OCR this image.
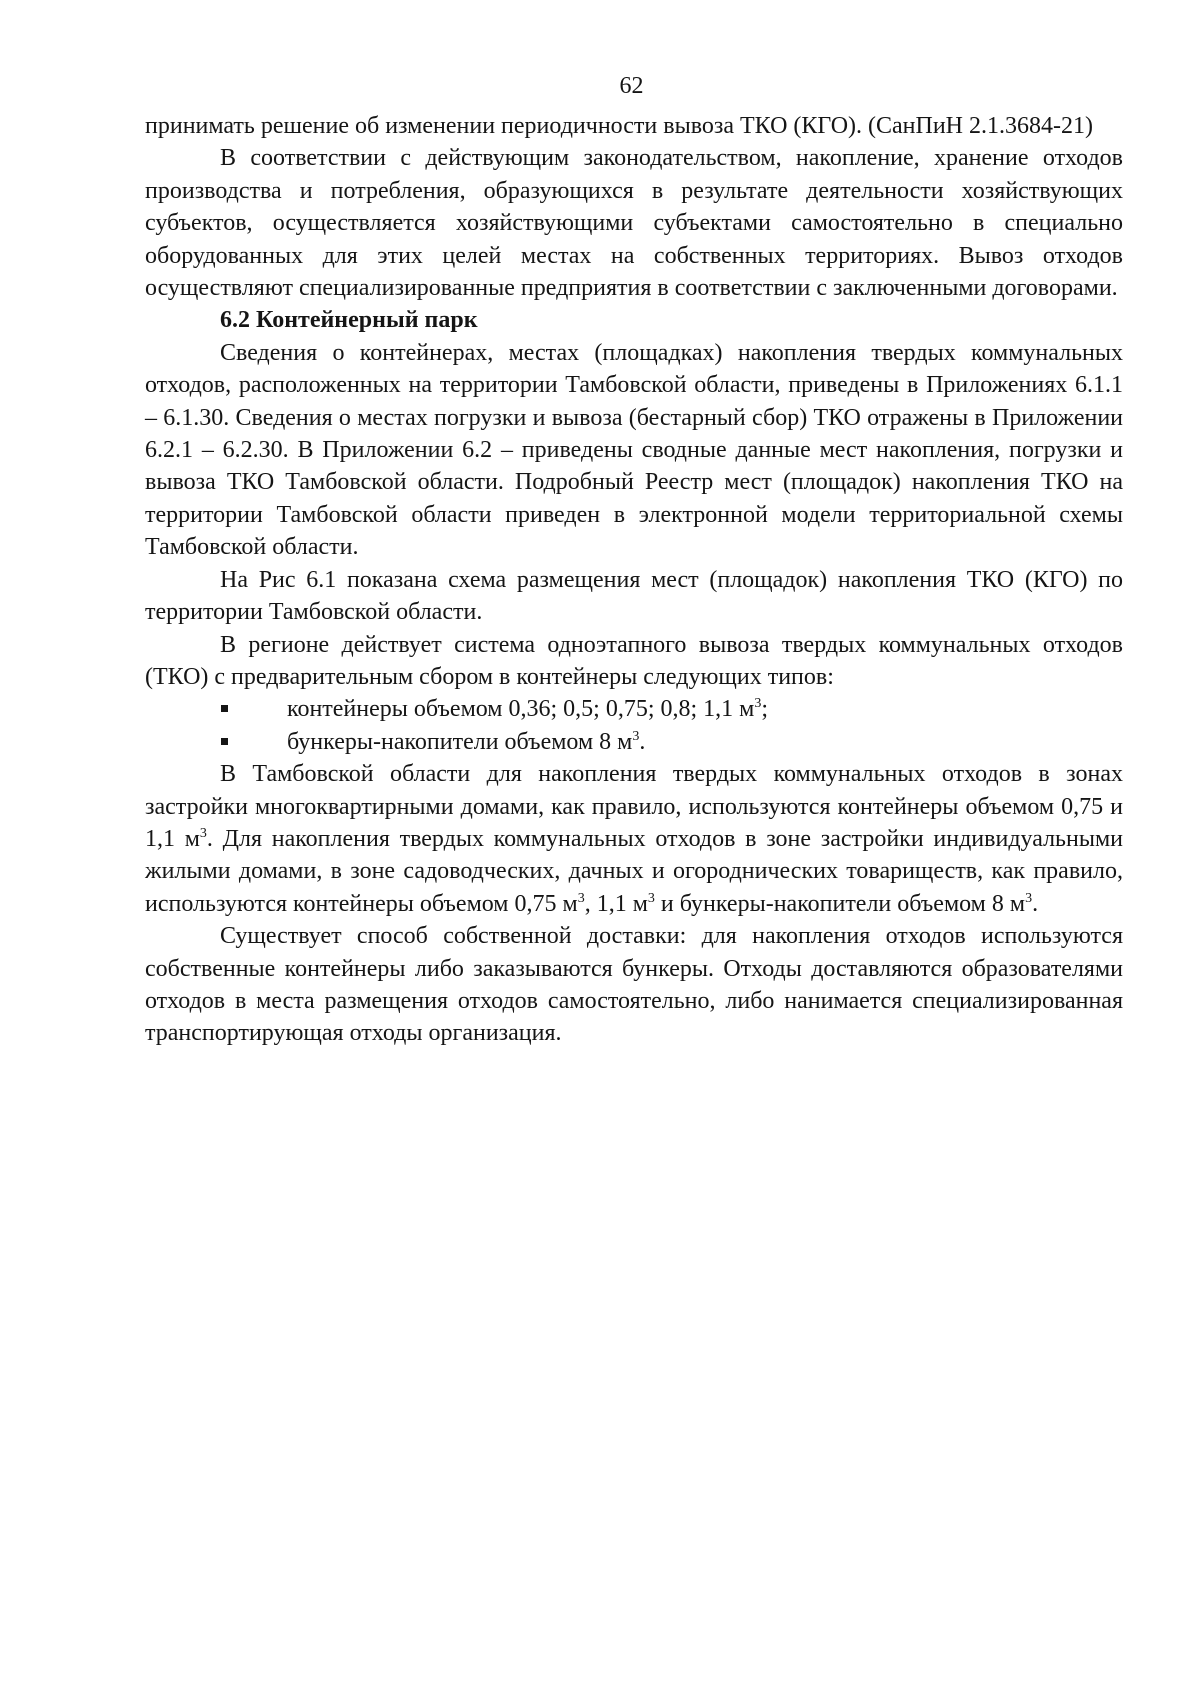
62

принимать решение об изменении периодичности вывоза ТКО (КГО). (СанПиН 2.1.3684-21)

В соответствии с действующим законодательством, накопление, хранение отходов производства и потребления, образующихся в результате деятельности хозяйствующих субъектов, осуществляется хозяйствующими субъектами самостоятельно в специально оборудованных для этих целей местах на собственных территориях. Вывоз отходов осуществляют специализированные предприятия в соответствии с заключенными договорами.

6.2 Контейнерный парк

Сведения о контейнерах, местах (площадках) накопления твердых коммунальных отходов, расположенных на территории Тамбовской области, приведены в Приложениях 6.1.1 – 6.1.30. Сведения о местах погрузки и вывоза (бестарный сбор) ТКО отражены в Приложении 6.2.1 – 6.2.30. В Приложении 6.2 – приведены сводные данные мест накопления, погрузки и вывоза ТКО Тамбовской области. Подробный Реестр мест (площадок) накопления ТКО на территории Тамбовской области приведен в электронной модели территориальной схемы Тамбовской области.

На Рис 6.1 показана схема размещения мест (площадок) накопления ТКО (КГО) по территории Тамбовской области.

В регионе действует система одноэтапного вывоза твердых коммунальных отходов (ТКО) с предварительным сбором в контейнеры следующих типов:

контейнеры объемом 0,36; 0,5; 0,75; 0,8; 1,1 $м^3$;
бункеры-накопители объемом 8 $м^3$.

В Тамбовской области для накопления твердых коммунальных отходов в зонах застройки многоквартирными домами, как правило, используются контейнеры объемом 0,75 и 1,1 $м^3$. Для накопления твердых коммунальных отходов в зоне застройки индивидуальными жилыми домами, в зоне садоводческих, дачных и огороднических товариществ, как правило, используются контейнеры объемом 0,75 $м^3$, 1,1 $м^3$ и бункеры-накопители объемом 8 $м^3$.

Существует способ собственной доставки: для накопления отходов используются собственные контейнеры либо заказываются бункеры. Отходы доставляются образователями отходов в места размещения отходов самостоятельно, либо нанимается специализированная транспортирующая отходы организация.
